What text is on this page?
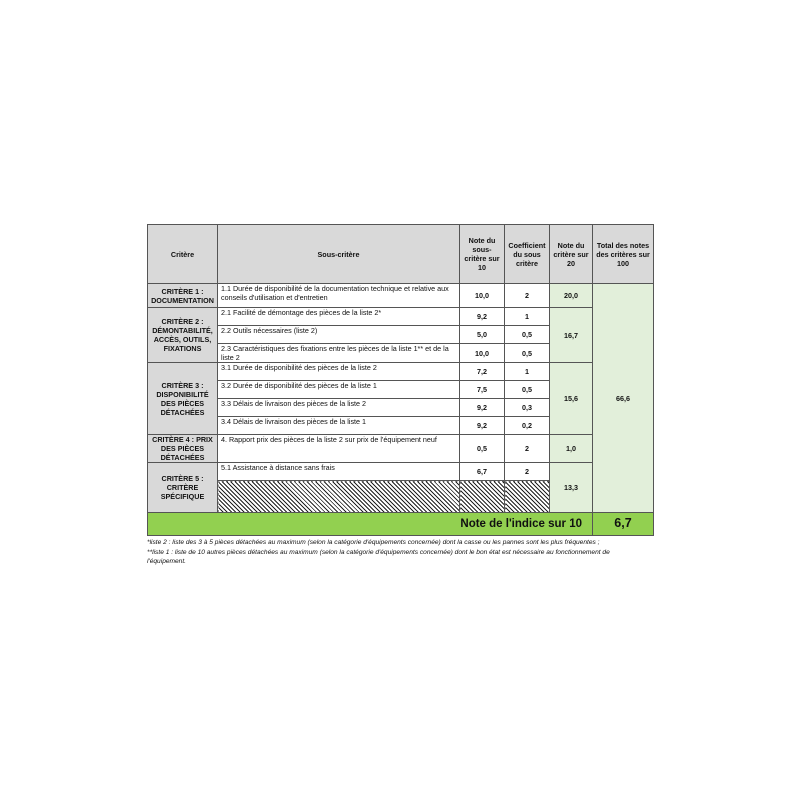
Critère	Sous-critère	Note du sous-critère sur 10	Coefficient du sous critère	Note du critère sur 20	Total des notes des critères sur 100
CRITÈRE 1 : DOCUMENTATION	1.1 Durée de disponibilité de la documentation technique et relative aux conseils d'utilisation et d'entretien	10,0	2	20,0	66,6
CRITÈRE 2 : DÉMONTABILITÉ, ACCÈS, OUTILS, FIXATIONS	2.1 Facilité de démontage des pièces de la liste 2*	9,2	1	16,7	
	2.2 Outils nécessaires (liste 2)	5,0	0,5		
	2.3 Caractéristiques des fixations entre les pièces de la liste 1** et de la liste 2	10,0	0,5		
CRITÈRE 3 : DISPONIBILITÉ DES PIÈCES DÉTACHÉES	3.1 Durée de disponibilité des pièces de la liste 2	7,2	1	15,6	
	3.2 Durée de disponibilité des pièces de la liste 1	7,5	0,5		
	3.3 Délais de livraison des pièces de la liste 2	9,2	0,3		
	3.4 Délais de livraison des pièces de la liste 1	9,2	0,2		
CRITÈRE 4 : PRIX DES PIÈCES DÉTACHÉES	4. Rapport prix des pièces de la liste 2 sur prix de l'équipement neuf	0,5	2	1,0	
CRITÈRE 5 : CRITÈRE SPÉCIFIQUE	5.1 Assistance à distance sans frais	6,7	2	13,3	

Note de l'indice sur 10					6,7

*liste 2 : liste des 3 à 5 pièces détachées au maximum (selon la catégorie d'équipements concernée) dont la casse ou les pannes sont les plus fréquentes ;

**liste 1 : liste de 10 autres pièces détachées au maximum (selon la catégorie d'équipements concernée) dont le bon état est nécessaire au fonctionnement de l'équipement.
